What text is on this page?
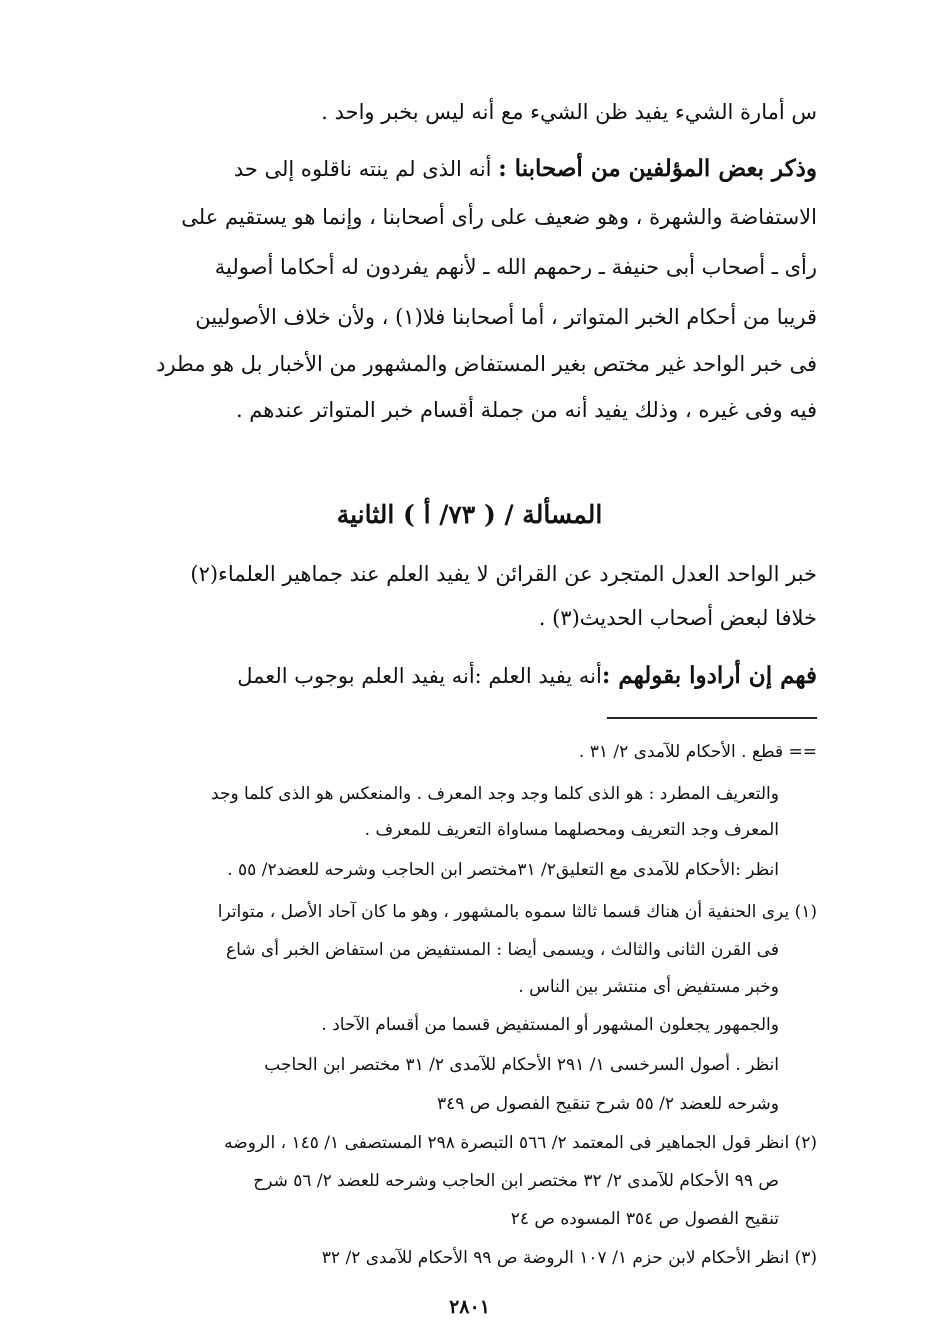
س أمارة الشيء يفيد ظن الشيء مع أنه ليس بخبر واحد .
وذكر بعض المؤلفين من أصحابنا : أنه الذى لم ينته ناقلوه إلى حد
الاستفاضة والشهرة ، وهو ضعيف على رأى أصحابنا ، وإنما هو يستقيم على
رأى ـ أصحاب أبى حنيفة ـ رحمهم الله ـ لأنهم يفردون له أحكاما أصولية
قريبا من أحكام الخبر المتواتر ، أما أصحابنا فلا(١) ، ولأن خلاف الأصوليين
فى خبر الواحد غير مختص بغير المستفاض والمشهور من الأخبار بل هو مطرد
فيه وفى غيره ، وذلك يفيد أنه من جملة أقسام خبر المتواتر عندهم .
المسألة / ( ٧٣/ أ ) الثانية
خبر الواحد العدل المتجرد عن القرائن لا يفيد العلم عند جماهير العلماء(٢)
خلافا لبعض أصحاب الحديث(٣) .
فهم إن أرادوا بقولهم :أنه يفيد العلم :أنه يفيد العلم بوجوب العمل
== قطع . الأحكام للآمدى ٢/ ٣١ .
والتعريف المطرد : هو الذى كلما وجد وجد المعرف . والمنعكس هو الذى كلما وجد
المعرف وجد التعريف ومحصلهما مساواة التعريف للمعرف .
انظر :الأحكام للآمدى مع التعليق٢/ ٣١مختصر ابن الحاجب وشرحه للعضد٢/ ٥٥ .
(١) يرى الحنفية أن هناك قسما ثالثا سموه بالمشهور ، وهو ما كان آحاد الأصل ، متواترا
فى القرن الثانى والثالث ، ويسمى أيضا : المستفيض من استفاض الخبر أى شاع
وخبر مستفيض أى منتشر بين الناس .
والجمهور يجعلون المشهور أو المستفيض قسما من أقسام الآحاد .
انظر . أصول السرخسى ١/ ٢٩١ الأحكام للآمدى ٢/ ٣١ مختصر ابن الحاجب
وشرحه للعضد ٢/ ٥٥ شرح تنقيح الفصول ص ٣٤٩
(٢) انظر قول الجماهير فى المعتمد ٢/ ٥٦٦ التبصرة ٢٩٨ المستصفى ١/ ١٤٥ ، الروضه
ص ٩٩ الأحكام للآمدى ٢/ ٣٢ مختصر ابن الحاجب وشرحه للعضد ٢/ ٥٦ شرح
تنقيح الفصول ص ٣٥٤ المسوده ص ٢٤
(٣) انظر الأحكام لابن حزم ١/ ١٠٧ الروضة ص ٩٩ الأحكام للآمدى ٢/ ٣٢
٢٨٠١
